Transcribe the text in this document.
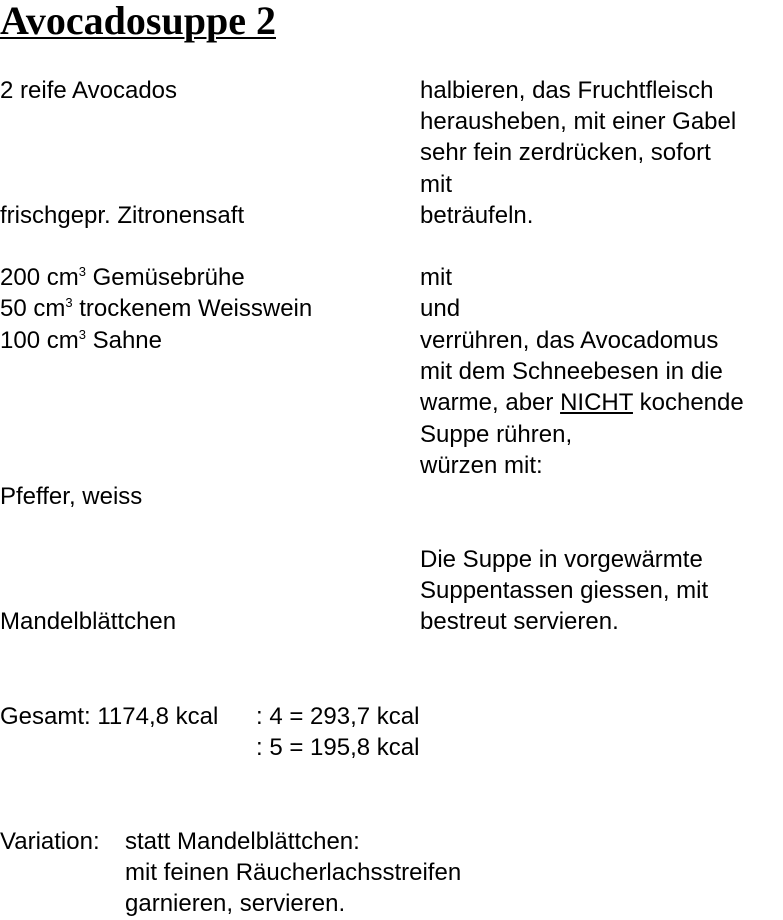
Avocadosuppe 2
2 reife Avocados	halbieren, das Fruchtfleisch
herausheben, mit einer Gabel
sehr fein zerdrücken, sofort
mit
frischgepr. Zitronensaft	beträufeln.
200 $cm^3$ Gemüsebrühe	mit
50 $cm^3$ trockenem Weisswein	und
100 $cm^3$ Sahne	verrühren, das Avocadomus
mit dem Schneebesen in die
warme, aber NICHT kochende
Suppe rühren,
würzen mit:
Pfeffer, weiss
Die Suppe in vorgewärmte
Suppentassen giessen, mit
Mandelblättchen	bestreut servieren.
Gesamt: 1174,8 kcal : 4 = 293,7 kcal
: 5 = 195,8 kcal
Variation: statt Mandelblättchen:
mit feinen Räucherlachsstreifen
garnieren, servieren.
